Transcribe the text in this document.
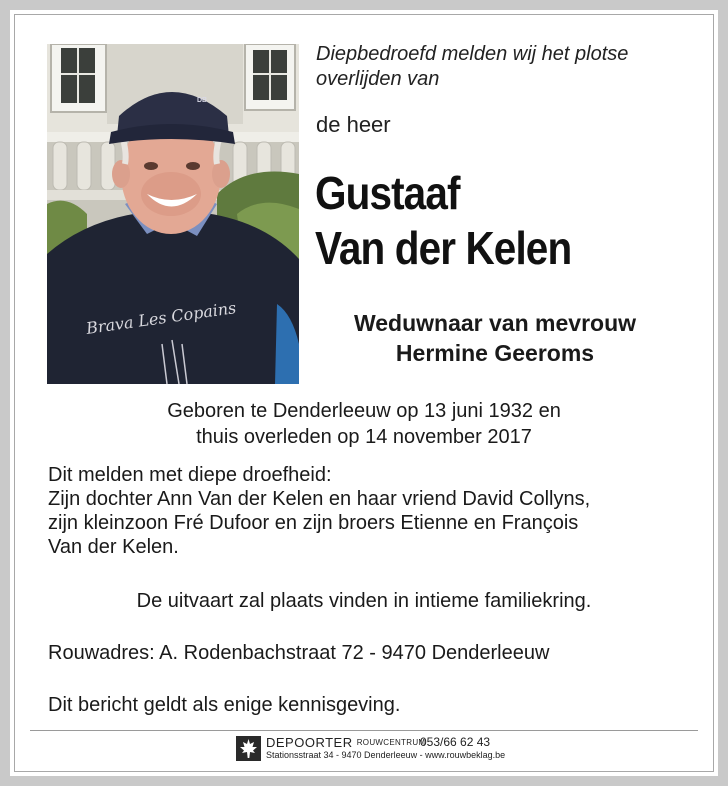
DB
Brava Les Copains
Diepbedroefd melden wij het plotse
overlijden van
de heer
Gustaaf
Van der Kelen
Weduwnaar van mevrouw
Hermine Geeroms
Geboren te Denderleeuw op 13 juni 1932 en
thuis overleden op 14 november 2017
Dit melden met diepe droefheid:
Zijn dochter Ann Van der Kelen en haar vriend David Collyns,
zijn kleinzoon Fré Dufoor en zijn broers Etienne en François
Van der Kelen.
De uitvaart zal plaats vinden in intieme familiekring.
Rouwadres: A. Rodenbachstraat 72 - 9470 Denderleeuw
Dit bericht geldt als enige kennisgeving.
DEPOORTER $^{ROUWCENTRUM}$
053/66 62 43
Stationsstraat 34 - 9470 Denderleeuw - www.rouwbeklag.be
